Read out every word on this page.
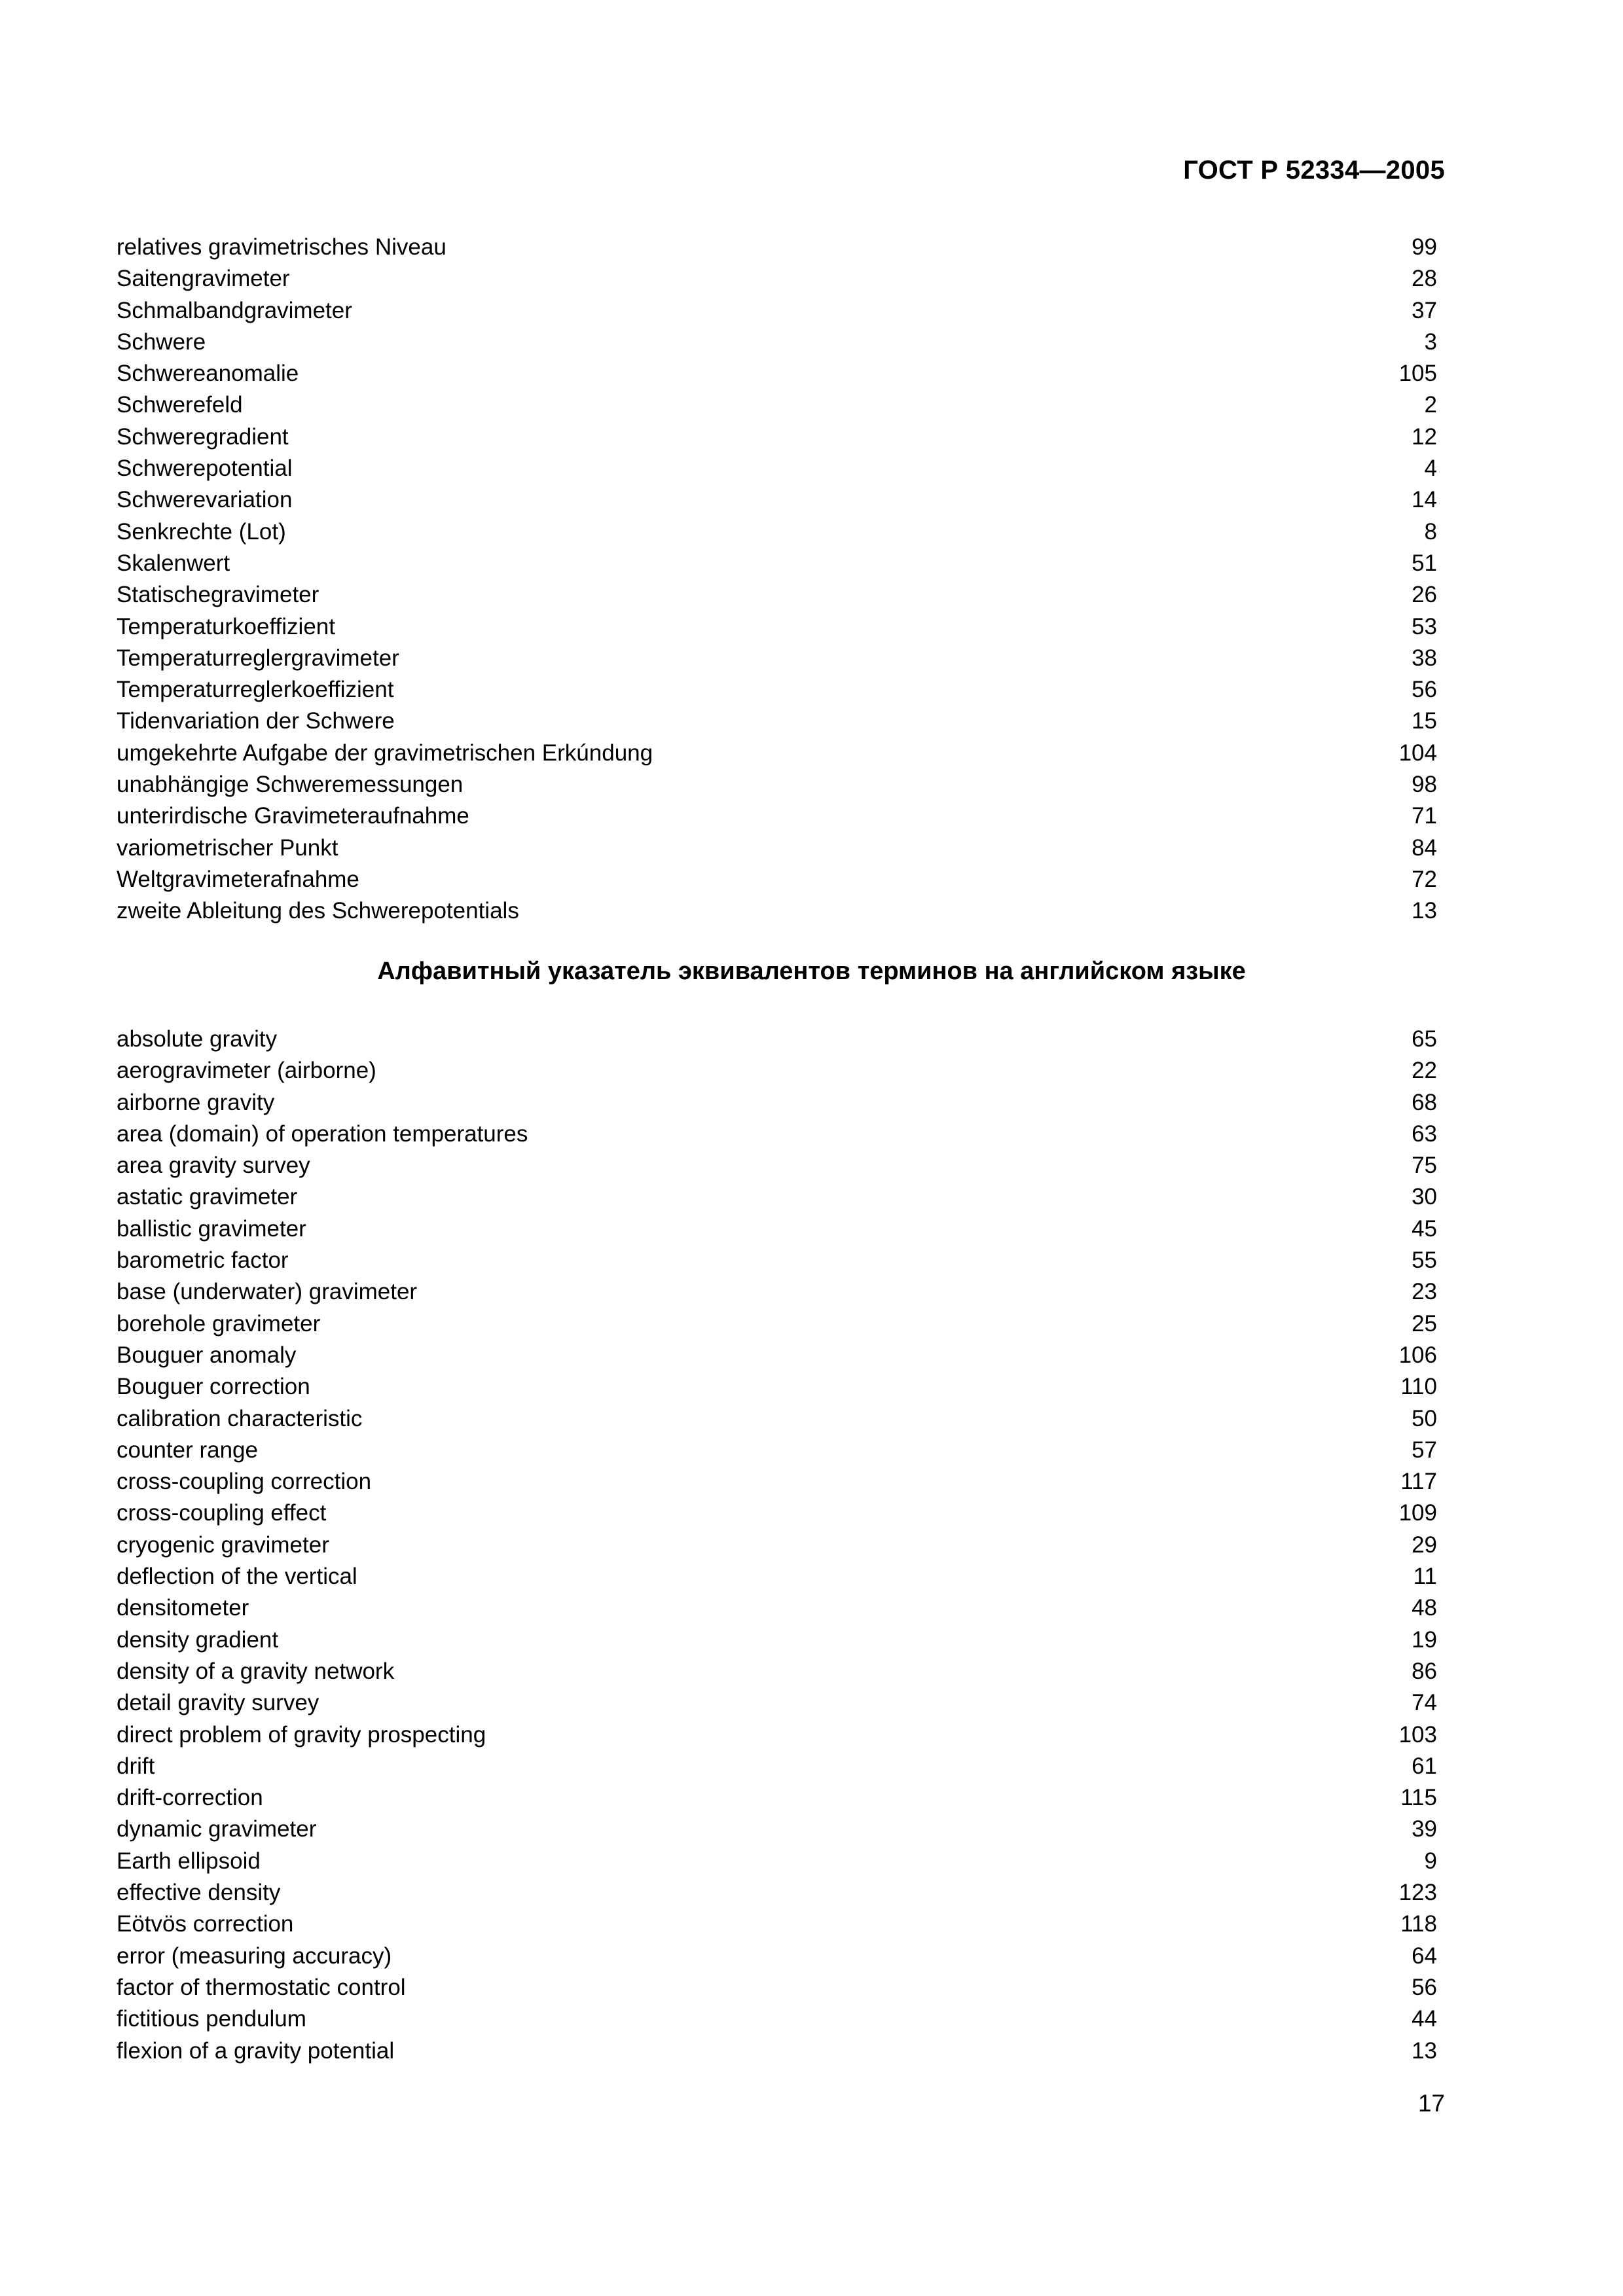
ГОСТ Р 52334—2005
relatives gravimetrisches Niveau	99
Saitengravimeter	28
Schmalbandgravimeter	37
Schwere	3
Schwereanomalie	105
Schwerefeld	2
Schweregradient	12
Schwerepotential	4
Schwerevariation	14
Senkrechte (Lot)	8
Skalenwert	51
Statischegravimeter	26
Temperaturkoeffizient	53
Temperaturreglergravimeter	38
Temperaturreglerkoeffizient	56
Tidenvariation der Schwere	15
umgekehrte Aufgabe der gravimetrischen Erkúndung	104
unabhängige Schweremessungen	98
unterirdische Gravimeteraufnahme	71
variometrischer Punkt	84
Weltgravimeterafnahme	72
zweite Ableitung des Schwerepotentials	13
Алфавитный указатель эквивалентов терминов на английском языке
absolute gravity	65
aerogravimeter (airborne)	22
airborne gravity	68
area (domain) of operation temperatures	63
area gravity survey	75
astatic gravimeter	30
ballistic gravimeter	45
barometric factor	55
base (underwater) gravimeter	23
borehole gravimeter	25
Bouguer anomaly	106
Bouguer correction	110
calibration characteristic	50
counter range	57
cross-coupling correction	117
cross-coupling effect	109
cryogenic gravimeter	29
deflection of the vertical	11
densitometer	48
density gradient	19
density of a gravity network	86
detail gravity survey	74
direct problem of gravity prospecting	103
drift	61
drift-correction	115
dynamic gravimeter	39
Earth ellipsoid	9
effective density	123
Eötvös correction	118
error (measuring accuracy)	64
factor of thermostatic control	56
fictitious pendulum	44
flexion of a gravity potential	13
17
